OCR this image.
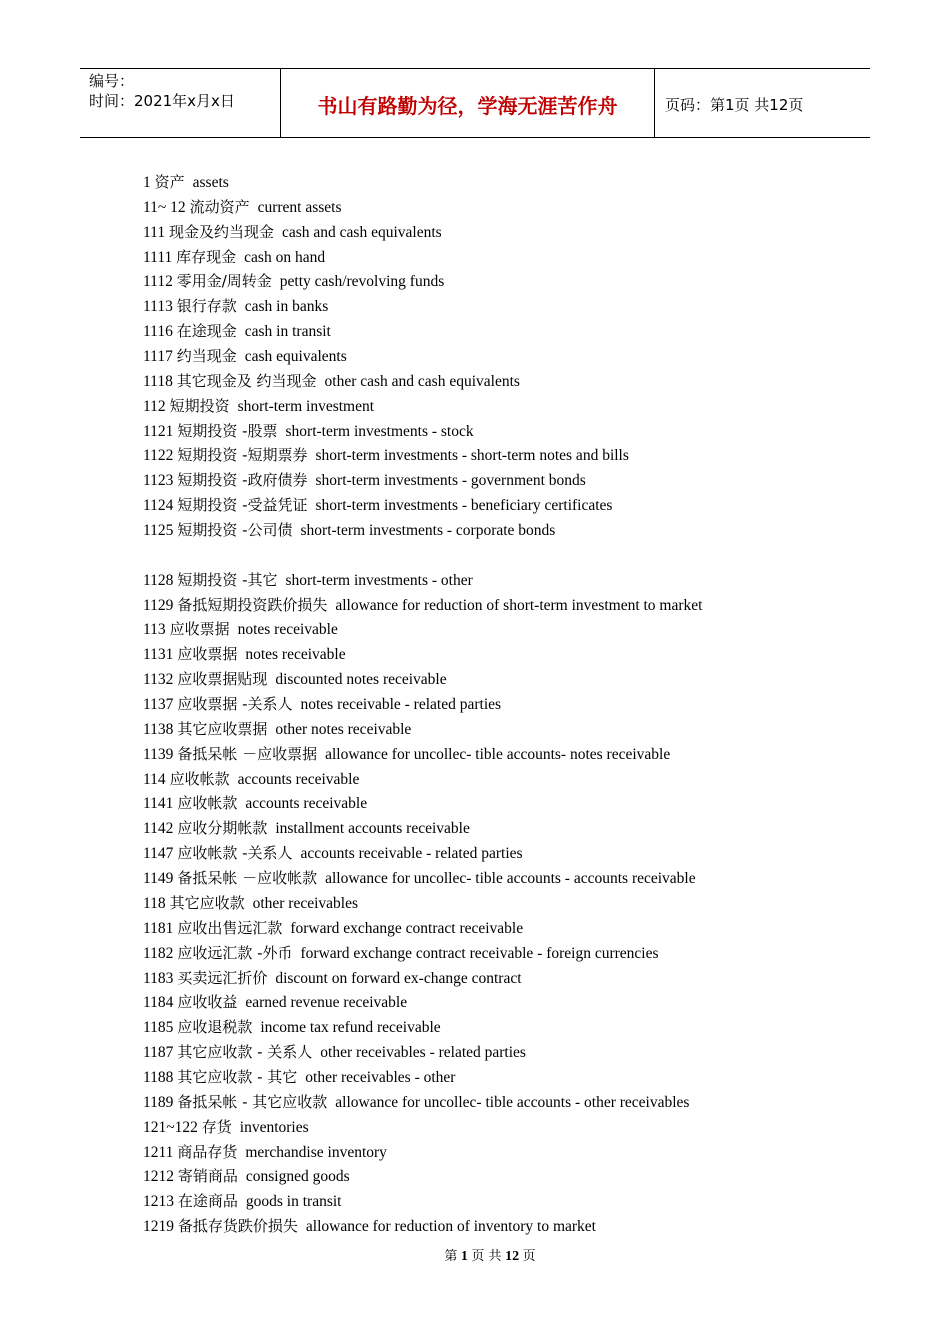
编号：
时间：2021年x月x日	书山有路勤为径，学海无涯苦作舟	页码：第1页 共12页
1 资产 assets
11~ 12 流动资产 current assets
111 现金及约当现金 cash and cash equivalents
1111 库存现金 cash on hand
1112 零用金/周转金 petty cash/revolving funds
1113 银行存款 cash in banks
1116 在途现金 cash in transit
1117 约当现金 cash equivalents
1118 其它现金及 约当现金 other cash and cash equivalents
112 短期投资 short-term investment
1121 短期投资 -股票 short-term investments - stock
1122 短期投资 -短期票券 short-term investments - short-term notes and bills
1123 短期投资 -政府债券 short-term investments - government bonds
1124 短期投资 -受益凭证 short-term investments - beneficiary certificates
1125 短期投资 -公司债 short-term investments - corporate bonds
1128 短期投资 -其它 short-term investments - other
1129 备抵短期投资跌价损失 allowance for reduction of short-term investment to market
113 应收票据 notes receivable
1131 应收票据 notes receivable
1132 应收票据贴现 discounted notes receivable
1137 应收票据 -关系人 notes receivable - related parties
1138 其它应收票据 other notes receivable
1139 备抵呆帐 －应收票据 allowance for uncollec- tible accounts- notes receivable
114 应收帐款 accounts receivable
1141 应收帐款 accounts receivable
1142 应收分期帐款 installment accounts receivable
1147 应收帐款 -关系人 accounts receivable - related parties
1149 备抵呆帐 －应收帐款 allowance for uncollec- tible accounts - accounts receivable
118 其它应收款 other receivables
1181 应收出售远汇款 forward exchange contract receivable
1182 应收远汇款 -外币 forward exchange contract receivable - foreign currencies
1183 买卖远汇折价 discount on forward ex-change contract
1184 应收收益 earned revenue receivable
1185 应收退税款 income tax refund receivable
1187 其它应收款 - 关系人 other receivables - related parties
1188 其它应收款 - 其它 other receivables - other
1189 备抵呆帐 - 其它应收款 allowance for uncollec- tible accounts - other receivables
121~122 存货 inventories
1211 商品存货 merchandise inventory
1212 寄销商品 consigned goods
1213 在途商品 goods in transit
1219 备抵存货跌价损失 allowance for reduction of inventory to market
第 1 页 共 12 页
